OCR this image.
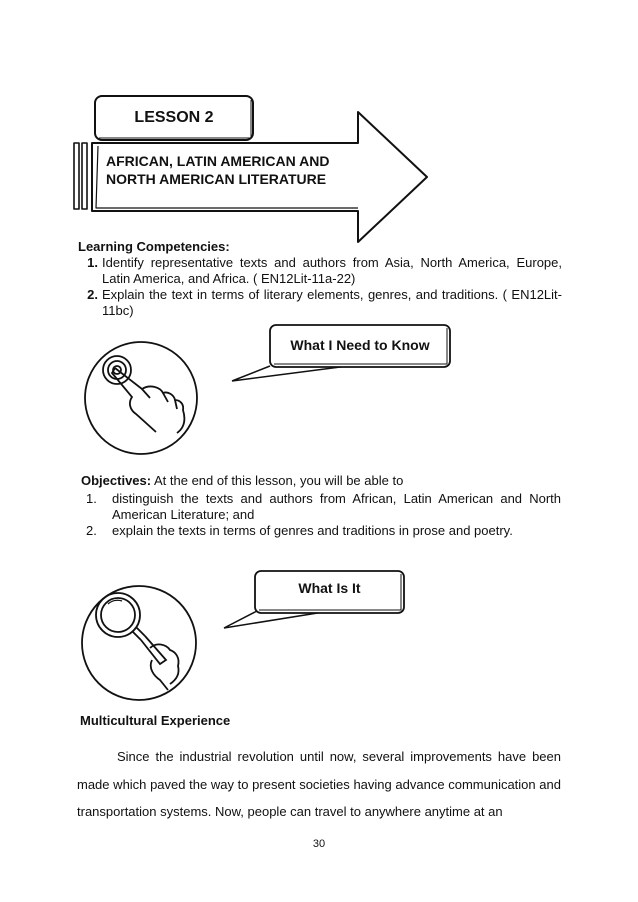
LESSON 2
AFRICAN, LATIN AMERICAN AND
NORTH AMERICAN LITERATURE
Learning Competencies:
1. Identify representative texts and authors from Asia, North America, Europe, Latin America, and Africa. ( EN12Lit-11a-22)
2. Explain the text in terms of literary elements, genres, and traditions. ( EN12Lit-11bc)
What I Need to Know
What Is It
Objectives: At the end of this lesson, you will be able to
1.	distinguish the texts and authors from African, Latin American and North American Literature; and
2.	explain the texts in terms of genres and traditions in prose and poetry.
Multicultural Experience
Since the industrial revolution until now, several improvements have been made which paved the way to present societies having advance communication and transportation systems. Now, people can travel to anywhere anytime at an
30
